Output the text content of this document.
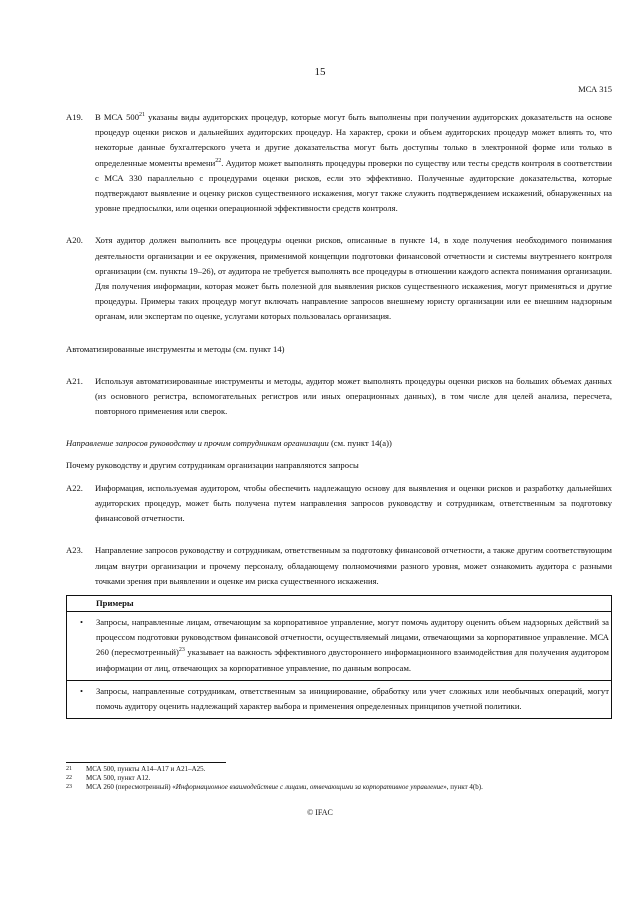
15
МСА 315
A19.	В МСА $500^{21}$ указаны виды аудиторских процедур, которые могут быть выполнены при получении аудиторских доказательств на основе процедур оценки рисков и дальнейших аудиторских процедур. На характер, сроки и объем аудиторских процедур может влиять то, что некоторые данные бухгалтерского учета и другие доказательства могут быть доступны только в электронной форме или только в определенные моменты времени$^{22}$. Аудитор может выполнять процедуры проверки по существу или тесты средств контроля в соответствии с МСА 330 параллельно с процедурами оценки рисков, если это эффективно. Полученные аудиторские доказательства, которые подтверждают выявление и оценку рисков существенного искажения, могут также служить подтверждением искажений, обнаруженных на уровне предпосылки, или оценки операционной эффективности средств контроля.
A20.	Хотя аудитор должен выполнить все процедуры оценки рисков, описанные в пункте 14, в ходе получения необходимого понимания деятельности организации и ее окружения, применимой концепции подготовки финансовой отчетности и системы внутреннего контроля организации (см. пункты 19–26), от аудитора не требуется выполнять все процедуры в отношении каждого аспекта понимания организации. Для получения информации, которая может быть полезной для выявления рисков существенного искажения, могут применяться и другие процедуры. Примеры таких процедур могут включать направление запросов внешнему юристу организации или ее внешним надзорным органам, или экспертам по оценке, услугами которых пользовалась организация.

Автоматизированные инструменты и методы (см. пункт 14)

A21.	Используя автоматизированные инструменты и методы, аудитор может выполнять процедуры оценки рисков на больших объемах данных (из основного регистра, вспомогательных регистров или иных операционных данных), в том числе для целей анализа, пересчета, повторного применения или сверок.

Направление запросов руководству и прочим сотрудникам организации (см. пункт 14(a))

Почему руководству и другим сотрудникам организации направляются запросы

A22.	Информация, используемая аудитором, чтобы обеспечить надлежащую основу для выявления и оценки рисков и разработку дальнейших аудиторских процедур, может быть получена путем направления запросов руководству и сотрудникам, ответственным за подготовку финансовой отчетности.
A23.	Направление запросов руководству и сотрудникам, ответственным за подготовку финансовой отчетности, а также другим соответствующим лицам внутри организации и прочему персоналу, обладающему полномочиями разного уровня, может ознакомить аудитора с разными точками зрения при выявлении и оценке им риска существенного искажения.
Примеры
•	Запросы, направленные лицам, отвечающим за корпоративное управление, могут помочь аудитору оценить объем надзорных действий за процессом подготовки руководством финансовой отчетности, осуществляемый лицами, отвечающими за корпоративное управление. МСА 260 (пересмотренный)$^{23}$ указывает на важность эффективного двустороннего информационного взаимодействия для получения аудитором информации от лиц, отвечающих за корпоративное управление, по данным вопросам.
•	Запросы, направленные сотрудникам, ответственным за инициирование, обработку или учет сложных или необычных операций, могут помочь аудитору оценить надлежащий характер выбора и применения определенных принципов учетной политики.
21	МСА 500, пункты A14–A17 и A21–A25.
22	МСА 500, пункт A12.
23	МСА 260 (пересмотренный) «Информационное взаимодействие с лицами, отвечающими за корпоративное управление», пункт 4(b).
© IFAC
